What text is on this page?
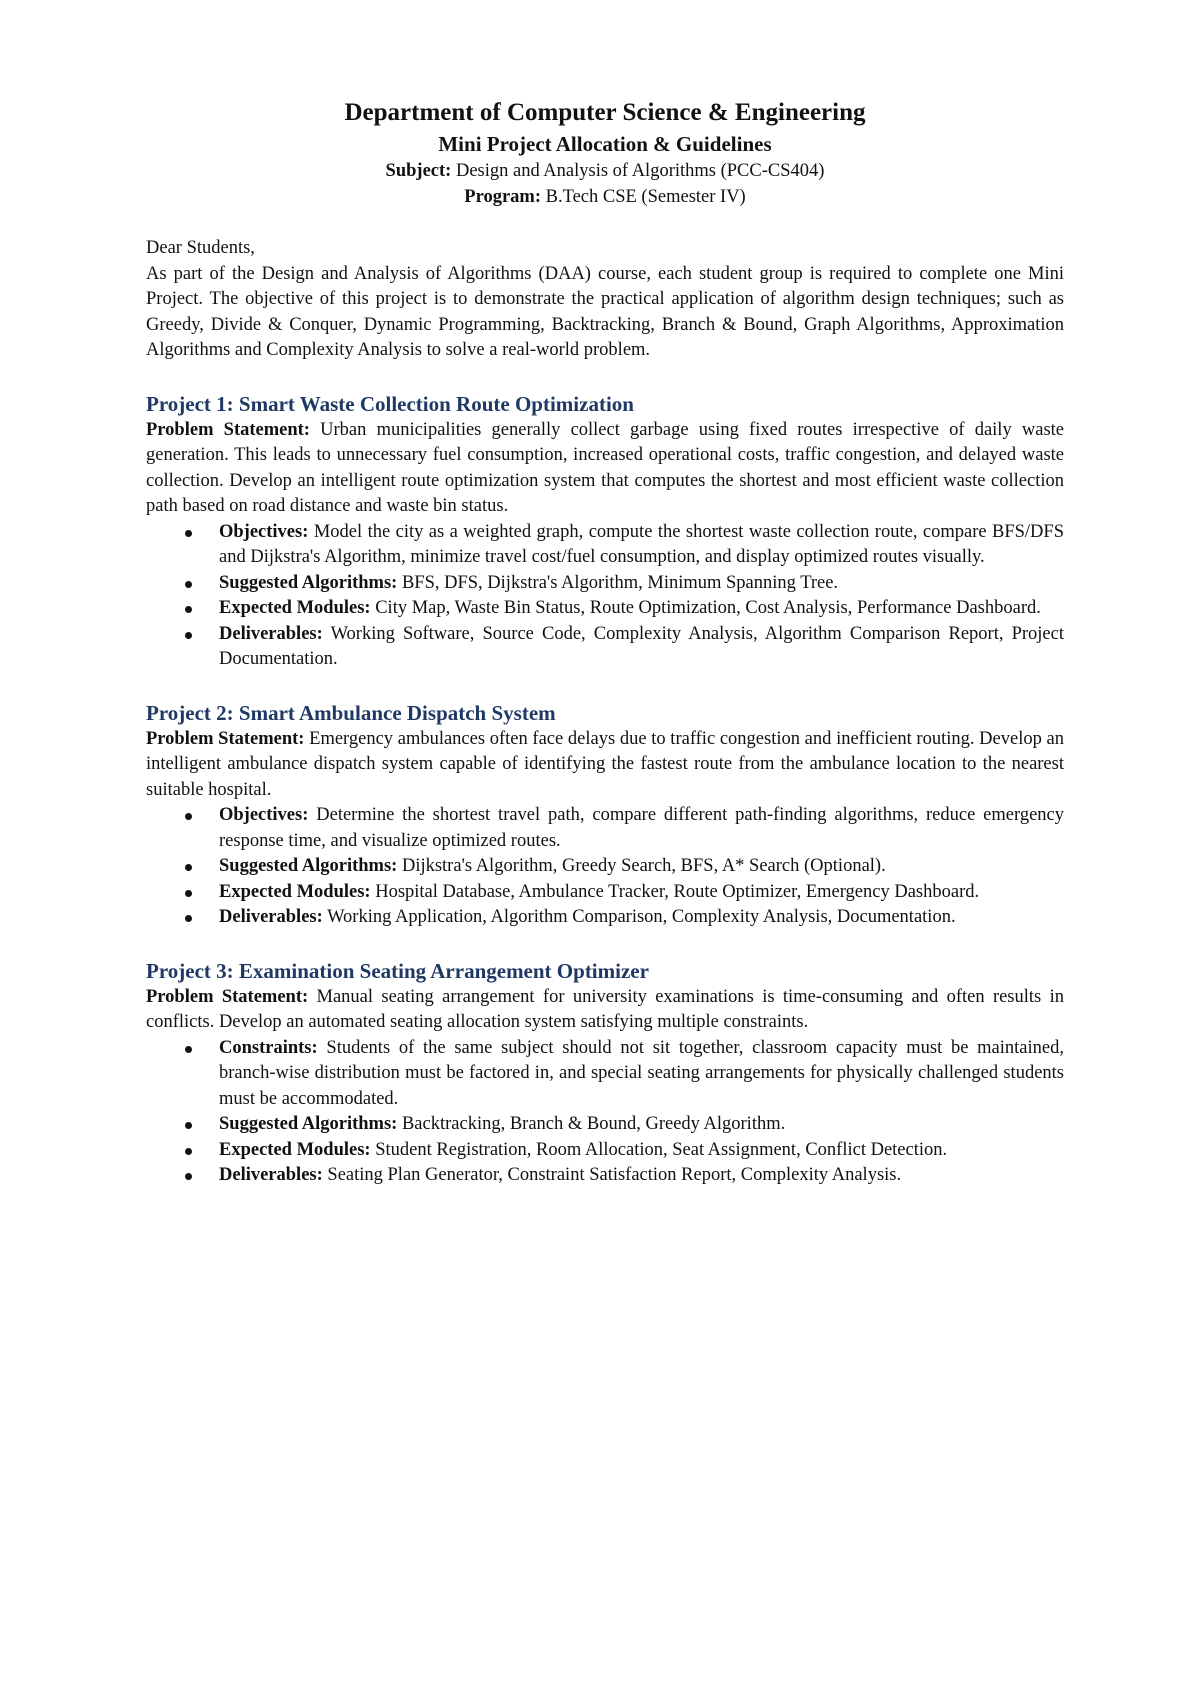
Department of Computer Science & Engineering
Mini Project Allocation & Guidelines
Subject: Design and Analysis of Algorithms (PCC-CS404)
Program: B.Tech CSE (Semester IV)
Dear Students,
As part of the Design and Analysis of Algorithms (DAA) course, each student group is required to complete one Mini Project. The objective of this project is to demonstrate the practical application of algorithm design techniques; such as Greedy, Divide & Conquer, Dynamic Programming, Backtracking, Branch & Bound, Graph Algorithms, Approximation Algorithms and Complexity Analysis to solve a real-world problem.
Project 1: Smart Waste Collection Route Optimization
Problem Statement: Urban municipalities generally collect garbage using fixed routes irrespective of daily waste generation. This leads to unnecessary fuel consumption, increased operational costs, traffic congestion, and delayed waste collection. Develop an intelligent route optimization system that computes the shortest and most efficient waste collection path based on road distance and waste bin status.
Objectives: Model the city as a weighted graph, compute the shortest waste collection route, compare BFS/DFS and Dijkstra's Algorithm, minimize travel cost/fuel consumption, and display optimized routes visually.
Suggested Algorithms: BFS, DFS, Dijkstra's Algorithm, Minimum Spanning Tree.
Expected Modules: City Map, Waste Bin Status, Route Optimization, Cost Analysis, Performance Dashboard.
Deliverables: Working Software, Source Code, Complexity Analysis, Algorithm Comparison Report, Project Documentation.
Project 2: Smart Ambulance Dispatch System
Problem Statement: Emergency ambulances often face delays due to traffic congestion and inefficient routing. Develop an intelligent ambulance dispatch system capable of identifying the fastest route from the ambulance location to the nearest suitable hospital.
Objectives: Determine the shortest travel path, compare different path-finding algorithms, reduce emergency response time, and visualize optimized routes.
Suggested Algorithms: Dijkstra's Algorithm, Greedy Search, BFS, A* Search (Optional).
Expected Modules: Hospital Database, Ambulance Tracker, Route Optimizer, Emergency Dashboard.
Deliverables: Working Application, Algorithm Comparison, Complexity Analysis, Documentation.
Project 3: Examination Seating Arrangement Optimizer
Problem Statement: Manual seating arrangement for university examinations is time-consuming and often results in conflicts. Develop an automated seating allocation system satisfying multiple constraints.
Constraints: Students of the same subject should not sit together, classroom capacity must be maintained, branch-wise distribution must be factored in, and special seating arrangements for physically challenged students must be accommodated.
Suggested Algorithms: Backtracking, Branch & Bound, Greedy Algorithm.
Expected Modules: Student Registration, Room Allocation, Seat Assignment, Conflict Detection.
Deliverables: Seating Plan Generator, Constraint Satisfaction Report, Complexity Analysis.
